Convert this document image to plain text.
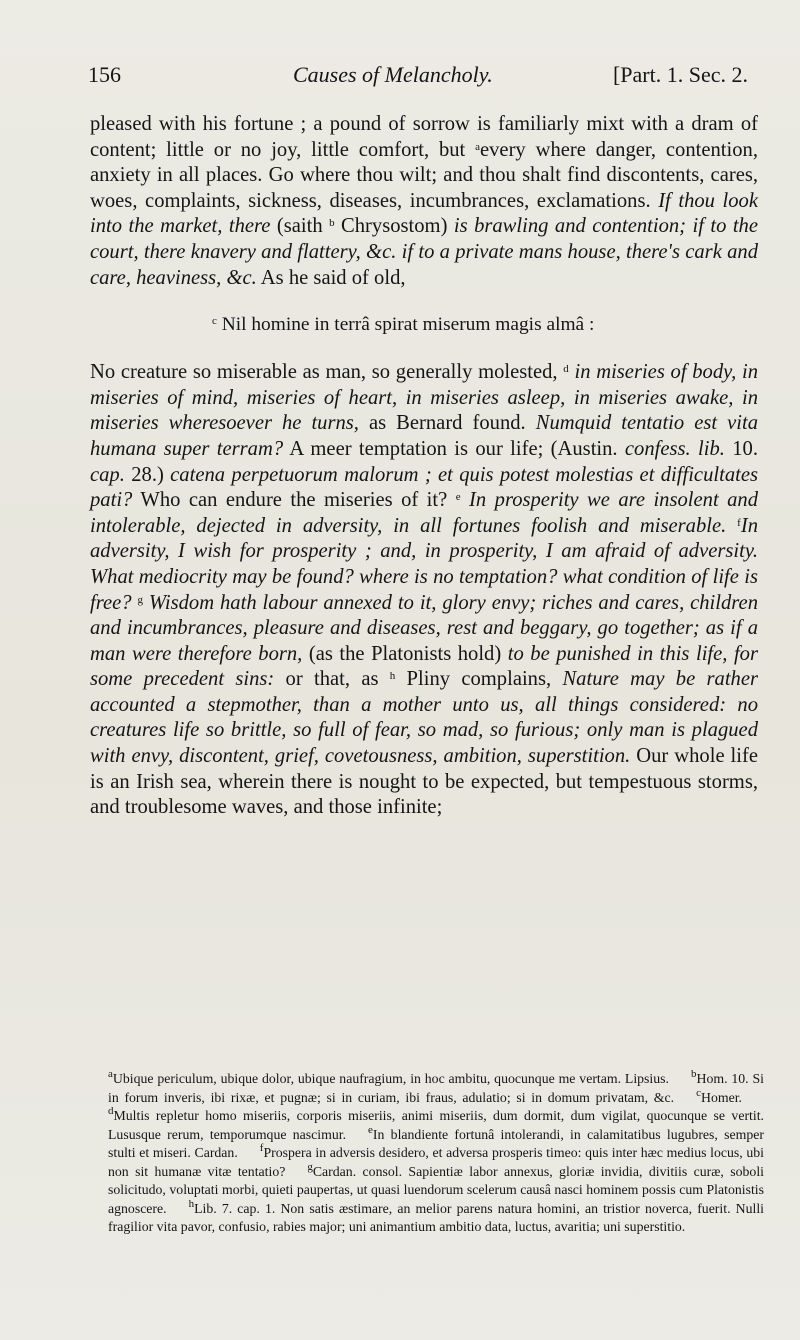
156	Causes of Melancholy.	[Part. 1. Sec. 2.

pleased with his fortune ; a pound of sorrow is familiarly mixt with a dram of content; little or no joy, little comfort, but $^a$every where danger, contention, anxiety in all places. Go where thou wilt; and thou shalt find discontents, cares, woes, complaints, sickness, diseases, incumbrances, exclamations. If thou look into the market, there (saith $^b$ Chrysostom) is brawling and contention; if to the court, there knavery and flattery, &c. if to a private mans house, there's cark and care, heaviness, &c. As he said of old,

$^c$ Nil homine in terrâ spirat miserum magis almâ :

No creature so miserable as man, so generally molested, $^d$ in miseries of body, in miseries of mind, miseries of heart, in miseries asleep, in miseries awake, in miseries wheresoever he turns, as Bernard found. Numquid tentatio est vita humana super terram? A meer temptation is our life; (Austin. confess. lib. 10. cap. 28.) catena perpetuorum malorum ; et quis potest molestias et difficultates pati? Who can endure the miseries of it? $^e$ In prosperity we are insolent and intolerable, dejected in adversity, in all fortunes foolish and miserable. $^f$In adversity, I wish for prosperity ; and, in prosperity, I am afraid of adversity. What mediocrity may be found? where is no temptation? what condition of life is free? $^g$ Wisdom hath labour annexed to it, glory envy; riches and cares, children and incumbrances, pleasure and diseases, rest and beggary, go together; as if a man were therefore born, (as the Platonists hold) to be punished in this life, for some precedent sins: or that, as $^h$ Pliny complains, Nature may be rather accounted a stepmother, than a mother unto us, all things considered: no creatures life so brittle, so full of fear, so mad, so furious; only man is plagued with envy, discontent, grief, covetousness, ambition, superstition. Our whole life is an Irish sea, wherein there is nought to be expected, but tempestuous storms, and troublesome waves, and those infinite;

$^a$Ubique periculum, ubique dolor, ubique naufragium, in hoc ambitu, quocunque me vertam. Lipsius. $^b$Hom. 10. Si in forum inveris, ibi rixæ, et pugnæ; si in curiam, ibi fraus, adulatio; si in domum privatam, &c. $^c$Homer.$^d$Multis repletur homo miseriis, corporis miseriis, animi miseriis, dum dormit, dum vigilat, quocunque se vertit. Lususque rerum, temporumque nascimur. $^e$In blandiente fortunâ intolerandi, in calamitatibus lugubres, semper stulti et miseri. Cardan. $^f$Prospera in adversis desidero, et adversa prosperis timeo: quis inter hæc medius locus, ubi non sit humanæ vitæ tentatio? $^g$Cardan. consol. Sapientiæ labor annexus, gloriæ invidia, divitiis curæ, soboli solicitudo, voluptati morbi, quieti paupertas, ut quasi luendorum scelerum causâ nasci hominem possis cum Platonistis agnoscere. $^h$Lib. 7. cap. 1. Non satis æstimare, an melior parens natura homini, an tristior noverca, fuerit. Nulli fragilior vita pavor, confusio, rabies major; uni animantium ambitio data, luctus, avaritia; uni superstitio.
